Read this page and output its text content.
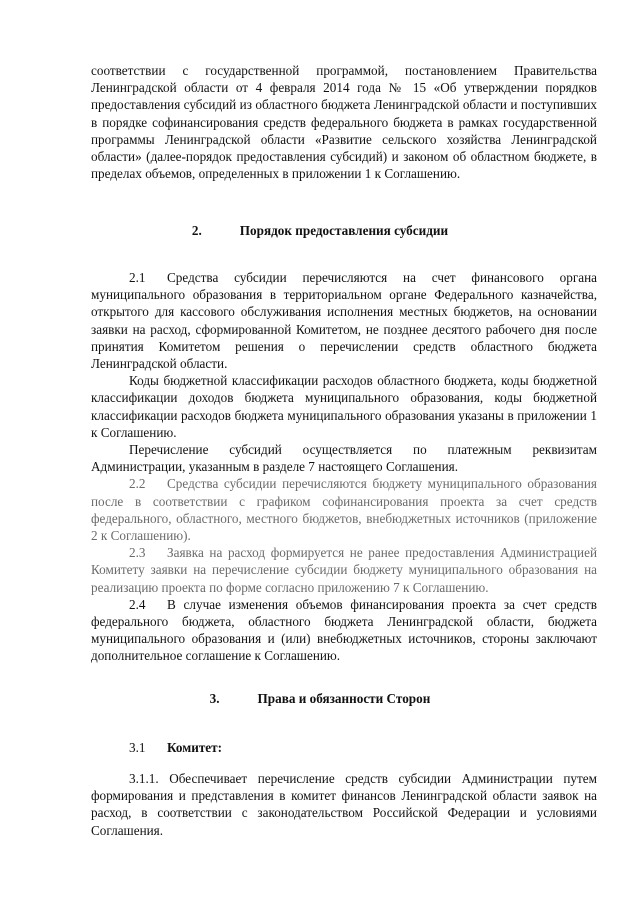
соответствии с государственной программой, постановлением Правительства Ленинградской области от 4 февраля 2014 года № 15 «Об утверждении порядков предоставления субсидий из областного бюджета Ленинградской области и поступивших в порядке софинансирования средств федерального бюджета в рамках государственной программы Ленинградской области «Развитие сельского хозяйства Ленинградской области» (далее-порядок предоставления субсидий) и законом об областном бюджете, в пределах объемов, определенных в приложении 1 к Соглашению.

2.	Порядок предоставления субсидии

2.1 Средства субсидии перечисляются на счет финансового органа муниципального образования в территориальном органе Федерального казначейства, открытого для кассового обслуживания исполнения местных бюджетов, на основании заявки на расход, сформированной Комитетом, не позднее десятого рабочего дня после принятия Комитетом решения о перечислении средств областного бюджета Ленинградской области.

Коды бюджетной классификации расходов областного бюджета, коды бюджетной классификации доходов бюджета муниципального образования, коды бюджетной классификации расходов бюджета муниципального образования указаны в приложении 1 к Соглашению.

Перечисление субсидий осуществляется по платежным реквизитам Администрации, указанным в разделе 7 настоящего Соглашения.

2.2 Средства субсидии перечисляются бюджету муниципального образования после в соответствии с графиком софинансирования проекта за счет средств федерального, областного, местного бюджетов, внебюджетных источников (приложение 2 к Соглашению).

2.3 Заявка на расход формируется не ранее предоставления Администрацией Комитету заявки на перечисление субсидии бюджету муниципального образования на реализацию проекта по форме согласно приложению 7 к Соглашению.

2.4 В случае изменения объемов финансирования проекта за счет средств федерального бюджета, областного бюджета Ленинградской области, бюджета муниципального образования и (или) внебюджетных источников, стороны заключают дополнительное соглашение к Соглашению.

3.	Права и обязанности Сторон

3.1 Комитет:

3.1.1. Обеспечивает перечисление средств субсидии Администрации путем формирования и представления в комитет финансов Ленинградской области заявок на расход, в соответствии с законодательством Российской Федерации и условиями Соглашения.
